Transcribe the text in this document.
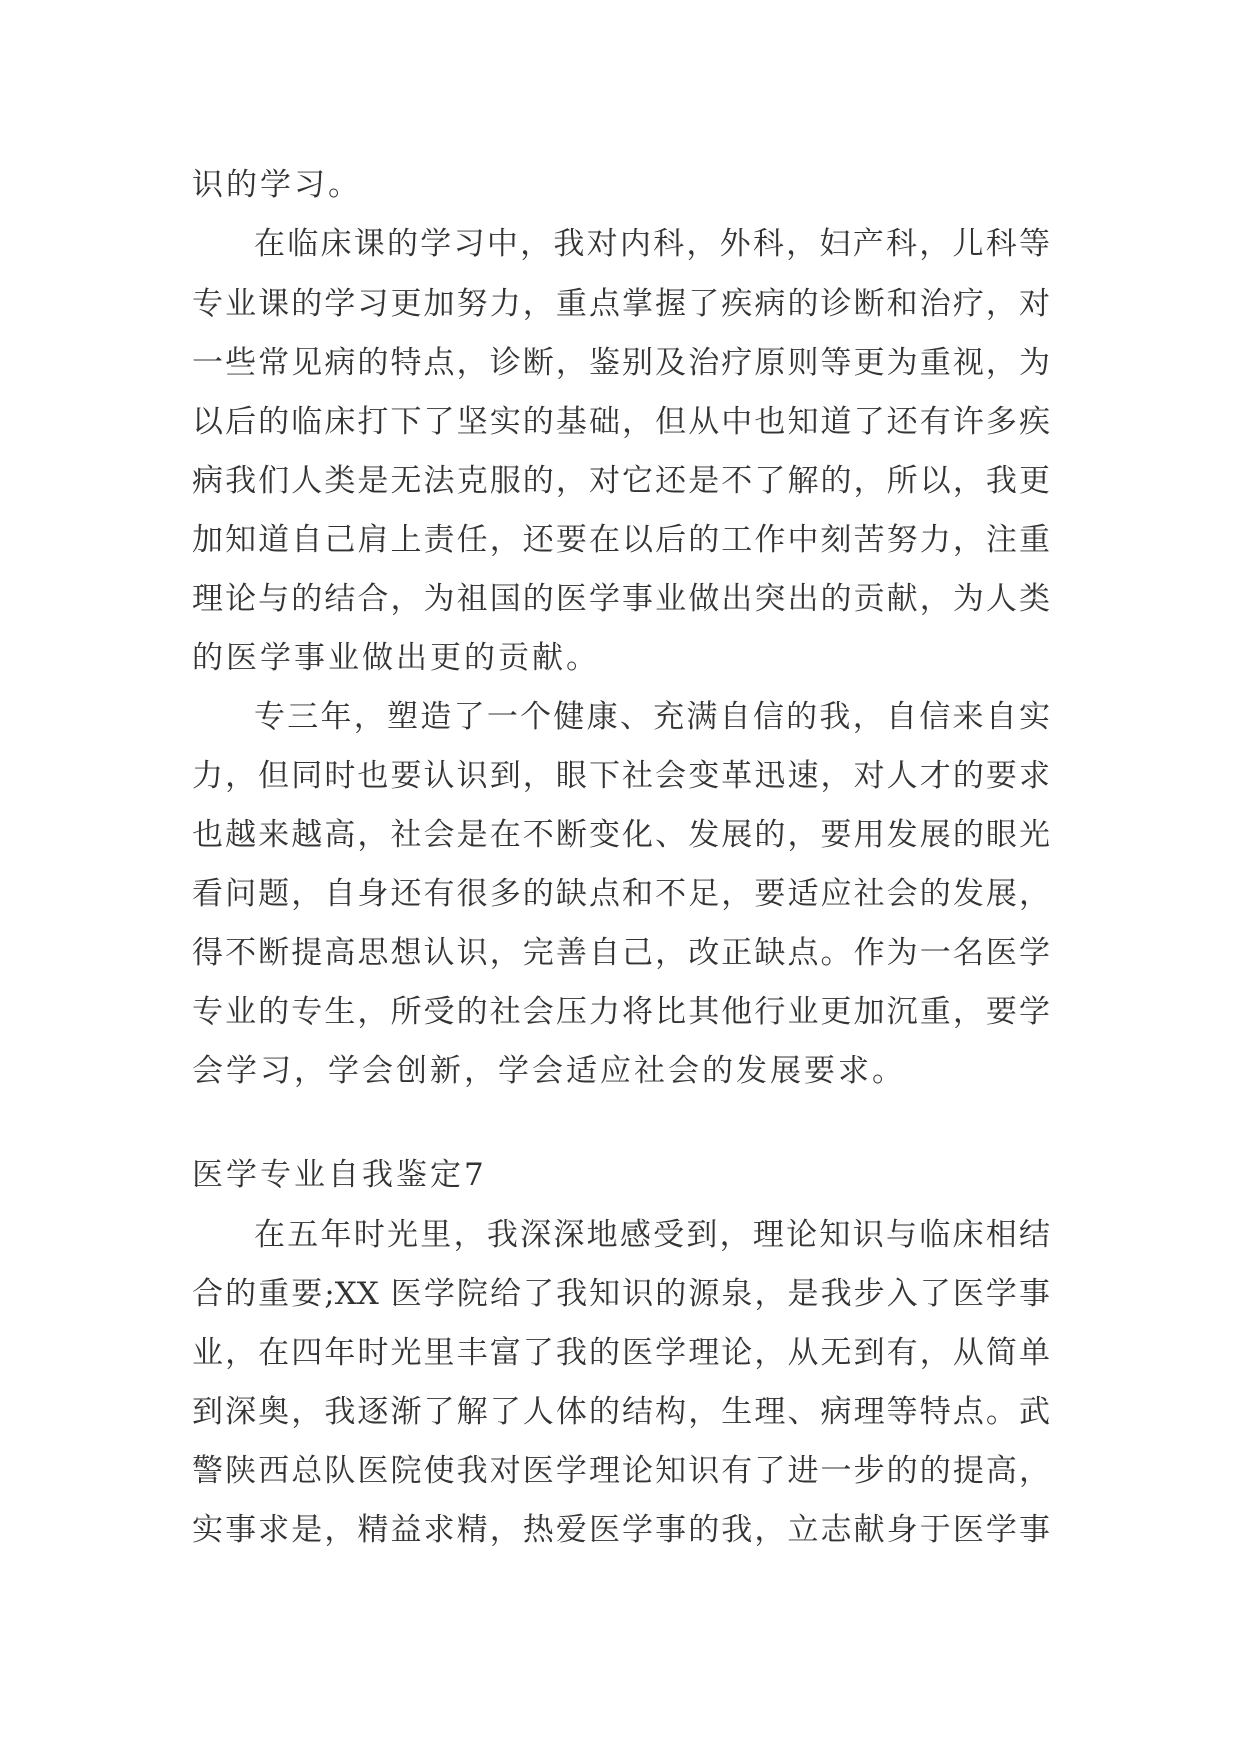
识的学习。
在临床课的学习中，我对内科，外科，妇产科，儿科等
专业课的学习更加努力，重点掌握了疾病的诊断和治疗，对
一些常见病的特点，诊断，鉴别及治疗原则等更为重视，为
以后的临床打下了坚实的基础，但从中也知道了还有许多疾
病我们人类是无法克服的，对它还是不了解的，所以，我更
加知道自己肩上责任，还要在以后的工作中刻苦努力，注重
理论与的结合，为祖国的医学事业做出突出的贡献，为人类
的医学事业做出更的贡献。
专三年，塑造了一个健康、充满自信的我，自信来自实
力，但同时也要认识到，眼下社会变革迅速，对人才的要求
也越来越高，社会是在不断变化、发展的，要用发展的眼光
看问题，自身还有很多的缺点和不足，要适应社会的发展，
得不断提高思想认识，完善自己，改正缺点。作为一名医学
专业的专生，所受的社会压力将比其他行业更加沉重，要学
会学习，学会创新，学会适应社会的发展要求。
医学专业自我鉴定7
在五年时光里，我深深地感受到，理论知识与临床相结
合的重要;XX 医学院给了我知识的源泉，是我步入了医学事
业，在四年时光里丰富了我的医学理论，从无到有，从简单
到深奥，我逐渐了解了人体的结构，生理、病理等特点。武
警陕西总队医院使我对医学理论知识有了进一步的的提高，
实事求是，精益求精，热爱医学事的我，立志献身于医学事
